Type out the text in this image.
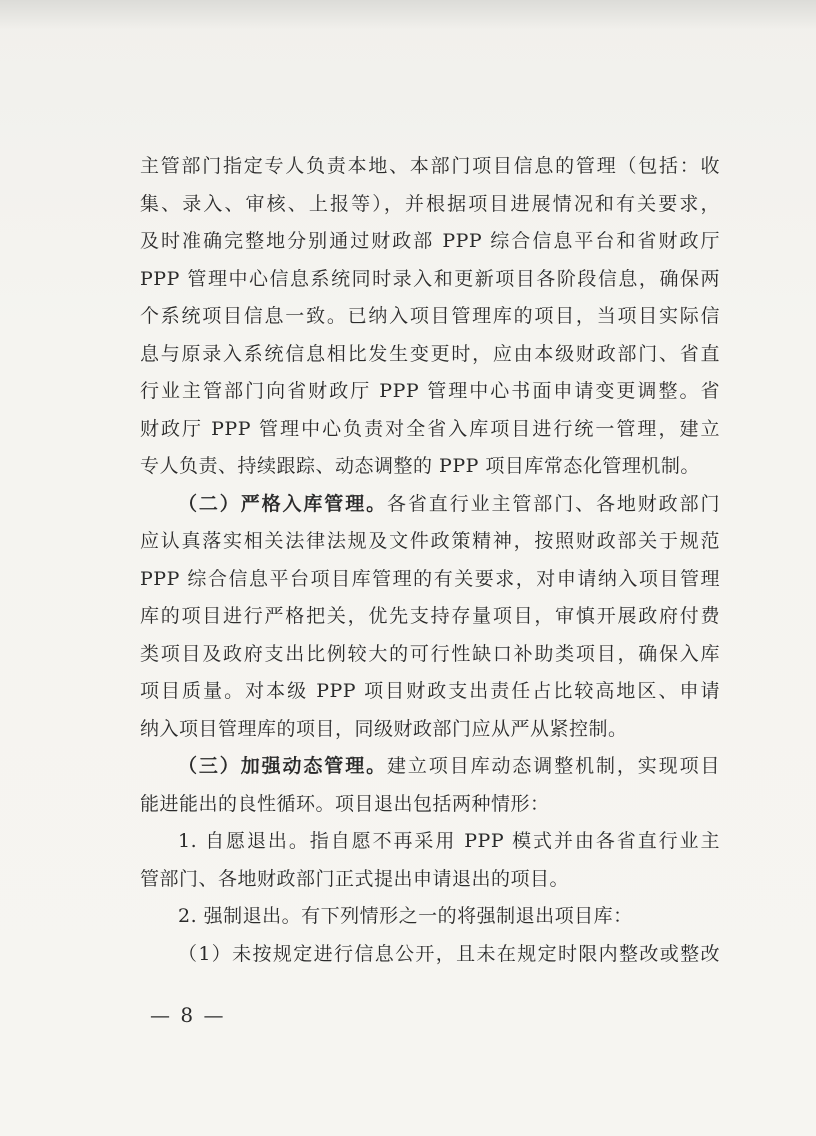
主管部门指定专人负责本地、本部门项目信息的管理（包括：收
集、录入、审核、上报等），并根据项目进展情况和有关要求，
及时准确完整地分别通过财政部 PPP 综合信息平台和省财政厅
PPP 管理中心信息系统同时录入和更新项目各阶段信息，确保两
个系统项目信息一致。已纳入项目管理库的项目，当项目实际信
息与原录入系统信息相比发生变更时，应由本级财政部门、省直
行业主管部门向省财政厅 PPP 管理中心书面申请变更调整。省
财政厅 PPP 管理中心负责对全省入库项目进行统一管理，建立
专人负责、持续跟踪、动态调整的 PPP 项目库常态化管理机制。
（二）严格入库管理。各省直行业主管部门、各地财政部门
应认真落实相关法律法规及文件政策精神，按照财政部关于规范
PPP 综合信息平台项目库管理的有关要求，对申请纳入项目管理
库的项目进行严格把关，优先支持存量项目，审慎开展政府付费
类项目及政府支出比例较大的可行性缺口补助类项目，确保入库
项目质量。对本级 PPP 项目财政支出责任占比较高地区、申请
纳入项目管理库的项目，同级财政部门应从严从紧控制。
（三）加强动态管理。建立项目库动态调整机制，实现项目
能进能出的良性循环。项目退出包括两种情形：
1. 自愿退出。指自愿不再采用 PPP 模式并由各省直行业主
管部门、各地财政部门正式提出申请退出的项目。
2. 强制退出。有下列情形之一的将强制退出项目库：
（1）未按规定进行信息公开，且未在规定时限内整改或整改
— 8 —
